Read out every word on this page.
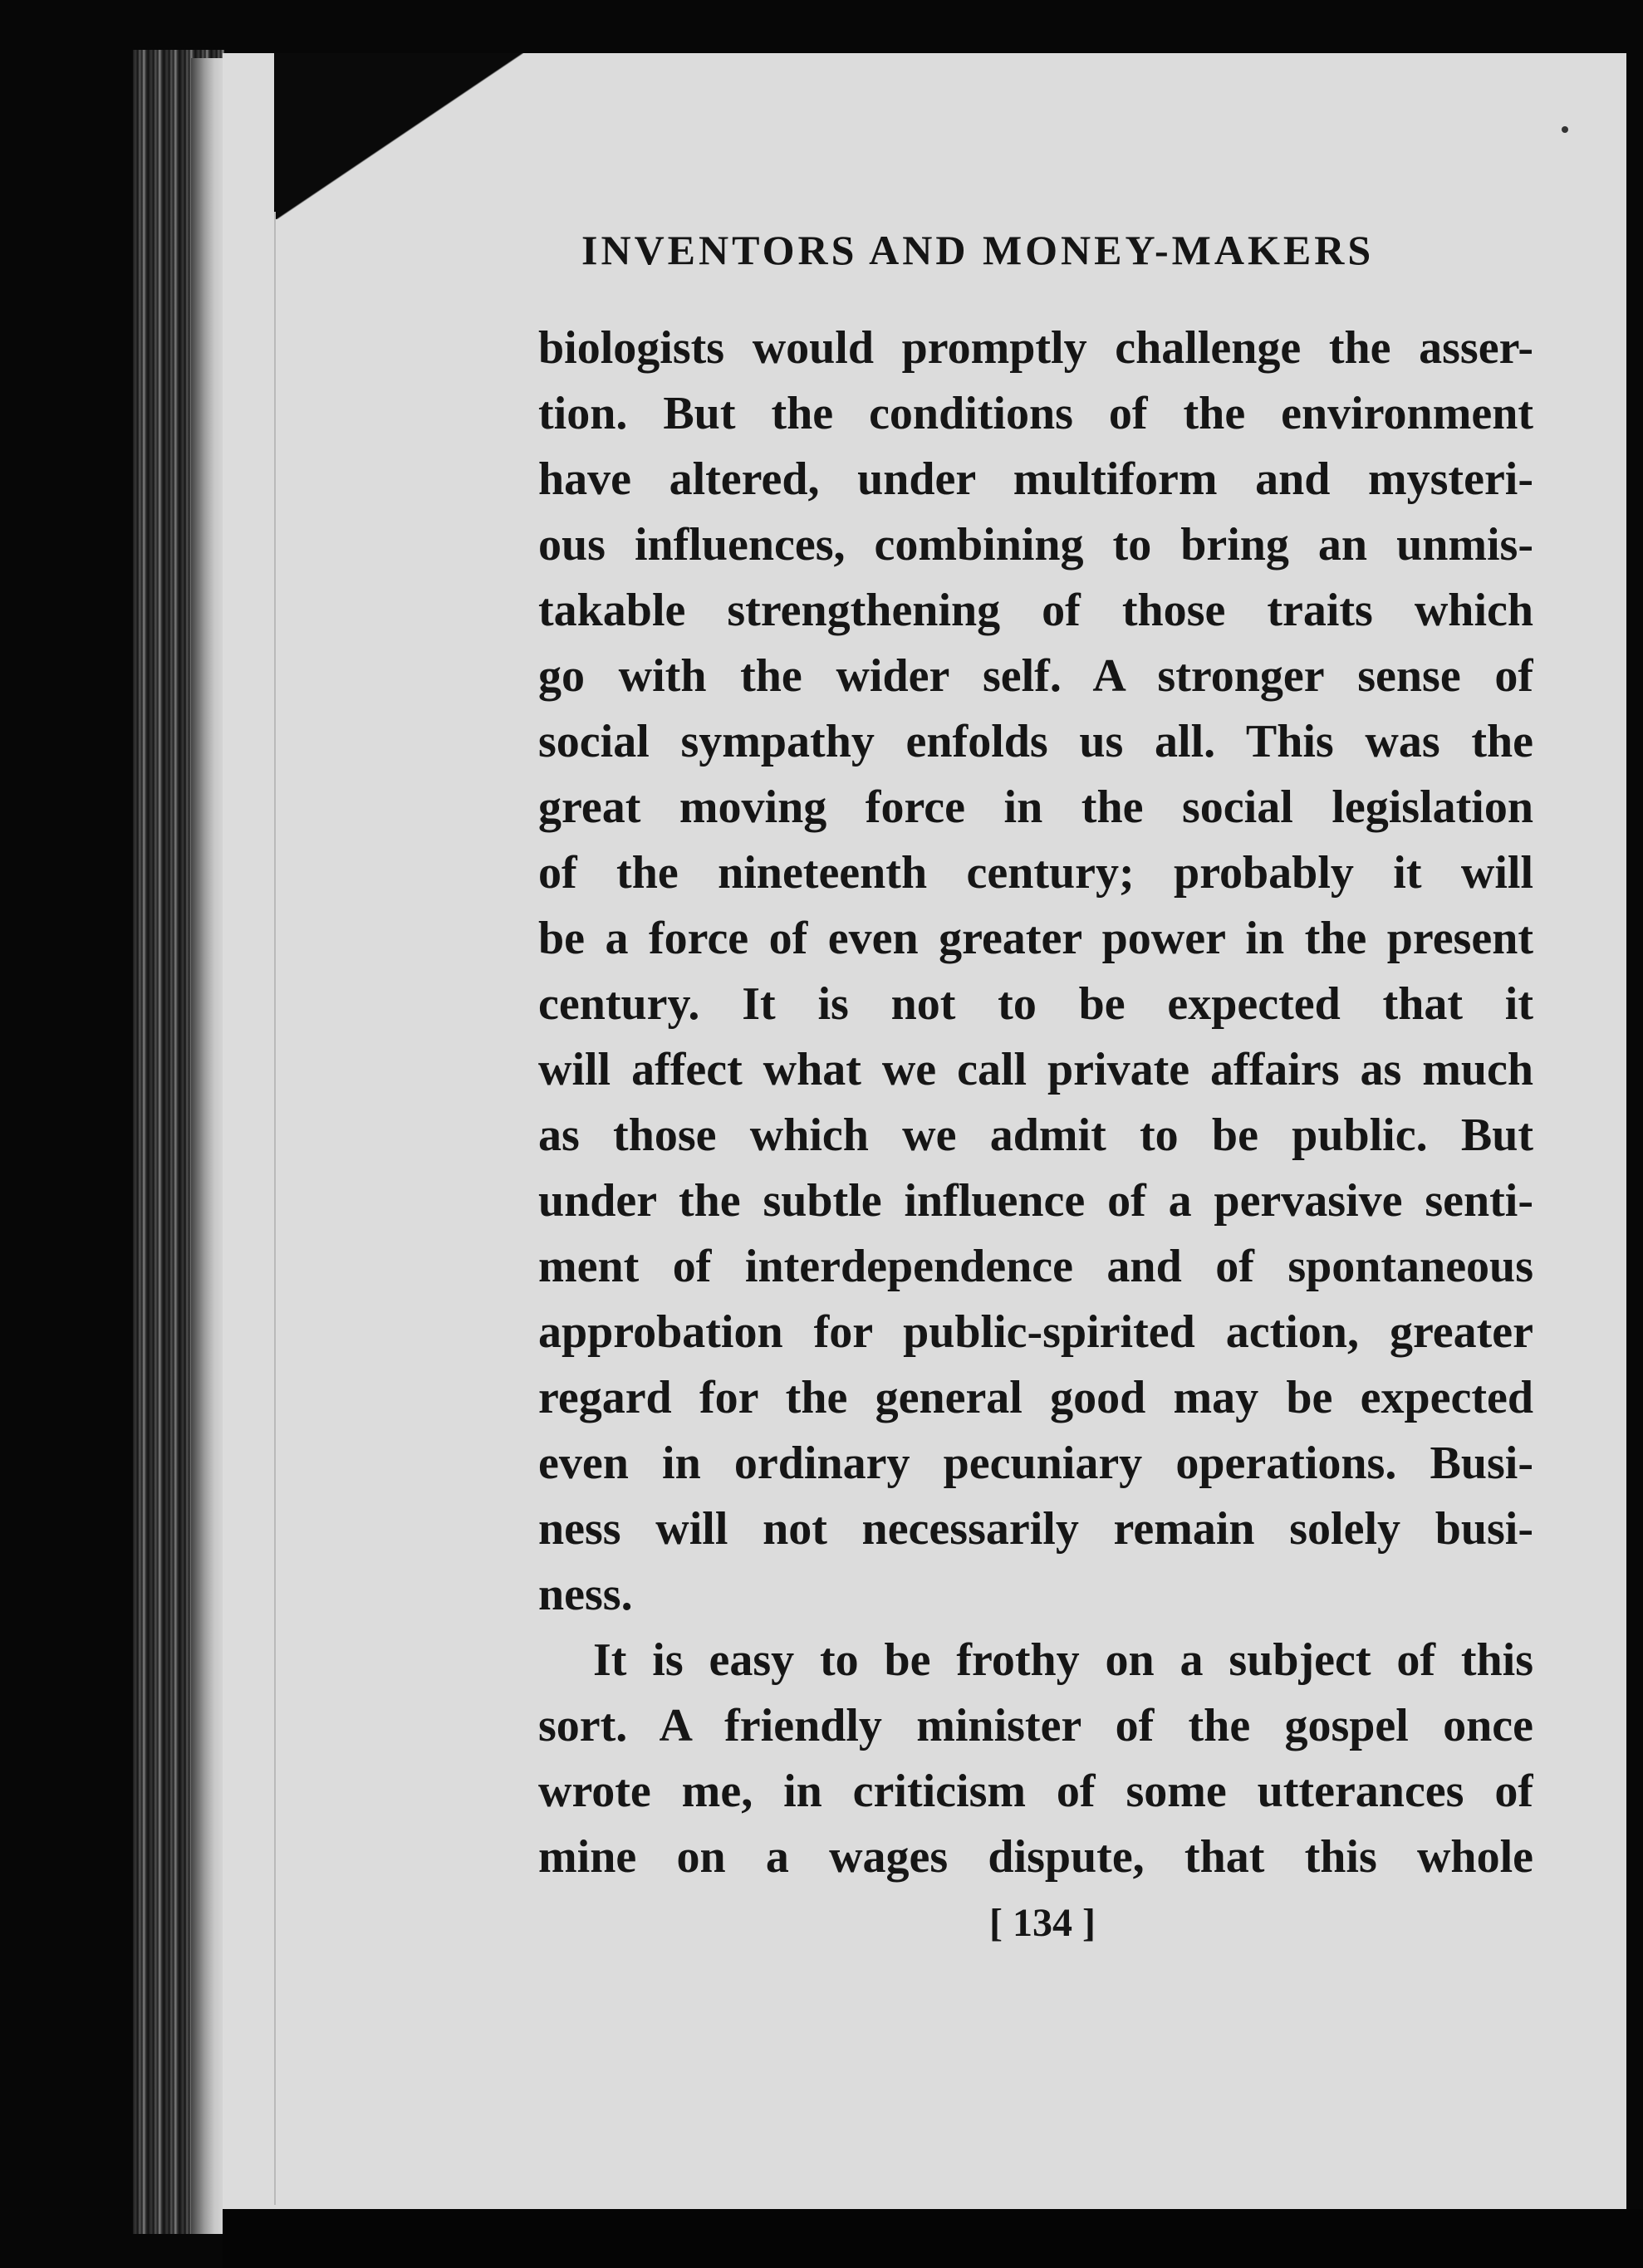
INVENTORS AND MONEY-MAKERS
biologists would promptly challenge the asser-
tion. But the conditions of the environment
have altered, under multiform and mysteri-
ous influences, combining to bring an unmis-
takable strengthening of those traits which
go with the wider self. A stronger sense of
social sympathy enfolds us all. This was the
great moving force in the social legislation
of the nineteenth century; probably it will
be a force of even greater power in the present
century. It is not to be expected that it
will affect what we call private affairs as much
as those which we admit to be public. But
under the subtle influence of a pervasive senti-
ment of interdependence and of spontaneous
approbation for public-spirited action, greater
regard for the general good may be expected
even in ordinary pecuniary operations. Busi-
ness will not necessarily remain solely busi-
ness.
It is easy to be frothy on a subject of this
sort. A friendly minister of the gospel once
wrote me, in criticism of some utterances of
mine on a wages dispute, that this whole
[ 134 ]
